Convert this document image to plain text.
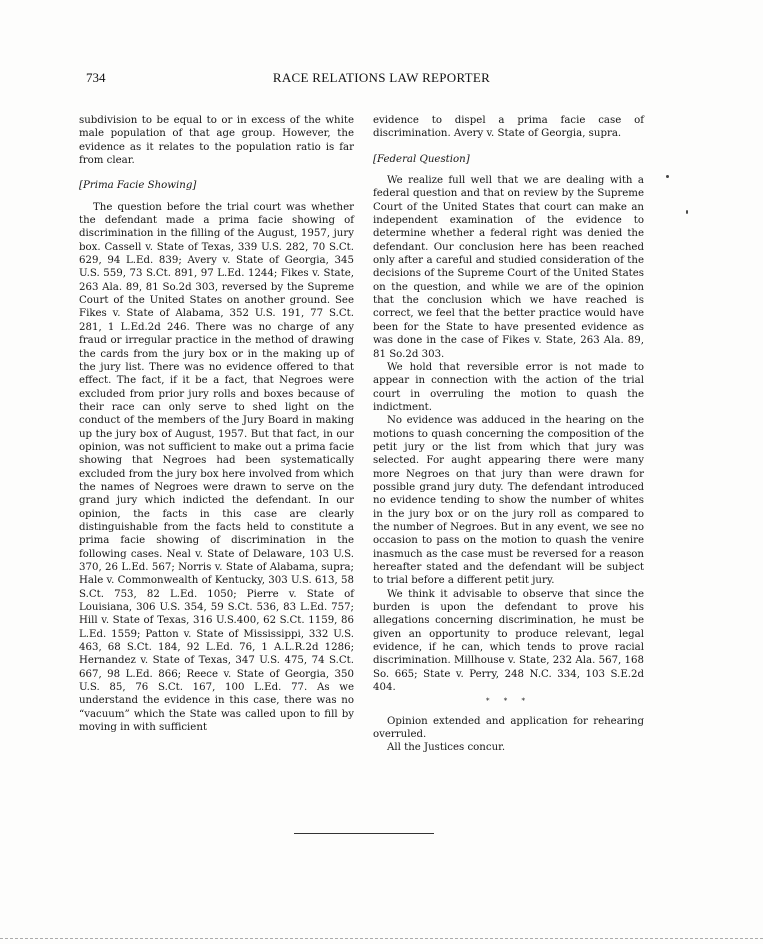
734	RACE RELATIONS LAW REPORTER

subdivision to be equal to or in excess of the white male population of that age group. However, the evidence as it relates to the population ratio is far from clear.

[Prima Facie Showing]

The question before the trial court was whether the defendant made a prima facie showing of discrimination in the filling of the August, 1957, jury box. Cassell v. State of Texas, 339 U.S. 282, 70 S.Ct. 629, 94 L.Ed. 839; Avery v. State of Georgia, 345 U.S. 559, 73 S.Ct. 891, 97 L.Ed. 1244; Fikes v. State, 263 Ala. 89, 81 So.2d 303, reversed by the Supreme Court of the United States on another ground. See Fikes v. State of Alabama, 352 U.S. 191, 77 S.Ct. 281, 1 L.Ed.2d 246. There was no charge of any fraud or irregular practice in the method of drawing the cards from the jury box or in the making up of the jury list. There was no evidence offered to that effect. The fact, if it be a fact, that Negroes were excluded from prior jury rolls and boxes because of their race can only serve to shed light on the conduct of the members of the Jury Board in making up the jury box of August, 1957. But that fact, in our opinion, was not sufficient to make out a prima facie showing that Negroes had been systematically excluded from the jury box here involved from which the names of Negroes were drawn to serve on the grand jury which indicted the defendant. In our opinion, the facts in this case are clearly distinguishable from the facts held to constitute a prima facie showing of discrimination in the following cases. Neal v. State of Delaware, 103 U.S. 370, 26 L.Ed. 567; Norris v. State of Alabama, supra; Hale v. Commonwealth of Kentucky, 303 U.S. 613, 58 S.Ct. 753, 82 L.Ed. 1050; Pierre v. State of Louisiana, 306 U.S. 354, 59 S.Ct. 536, 83 L.Ed. 757; Hill v. State of Texas, 316 U.S.400, 62 S.Ct. 1159, 86 L.Ed. 1559; Patton v. State of Mississippi, 332 U.S. 463, 68 S.Ct. 184, 92 L.Ed. 76, 1 A.L.R.2d 1286; Hernandez v. State of Texas, 347 U.S. 475, 74 S.Ct. 667, 98 L.Ed. 866; Reece v. State of Georgia, 350 U.S. 85, 76 S.Ct. 167, 100 L.Ed. 77. As we understand the evidence in this case, there was no “vacuum” which the State was called upon to fill by moving in with sufficient

evidence to dispel a prima facie case of discrimination. Avery v. State of Georgia, supra.

[Federal Question]

We realize full well that we are dealing with a federal question and that on review by the Supreme Court of the United States that court can make an independent examination of the evidence to determine whether a federal right was denied the defendant. Our conclusion here has been reached only after a careful and studied consideration of the decisions of the Supreme Court of the United States on the question, and while we are of the opinion that the conclusion which we have reached is correct, we feel that the better practice would have been for the State to have presented evidence as was done in the case of Fikes v. State, 263 Ala. 89, 81 So.2d 303.

We hold that reversible error is not made to appear in connection with the action of the trial court in overruling the motion to quash the indictment.

No evidence was adduced in the hearing on the motions to quash concerning the composition of the petit jury or the list from which that jury was selected. For aught appearing there were many more Negroes on that jury than were drawn for possible grand jury duty. The defendant introduced no evidence tending to show the number of whites in the jury box or on the jury roll as compared to the number of Negroes. But in any event, we see no occasion to pass on the motion to quash the venire inasmuch as the case must be reversed for a reason hereafter stated and the defendant will be subject to trial before a different petit jury.

We think it advisable to observe that since the burden is upon the defendant to prove his allegations concerning discrimination, he must be given an opportunity to produce relevant, legal evidence, if he can, which tends to prove racial discrimination. Millhouse v. State, 232 Ala. 567, 168 So. 665; State v. Perry, 248 N.C. 334, 103 S.E.2d 404.

* * *

Opinion extended and application for rehearing overruled.

All the Justices concur.
